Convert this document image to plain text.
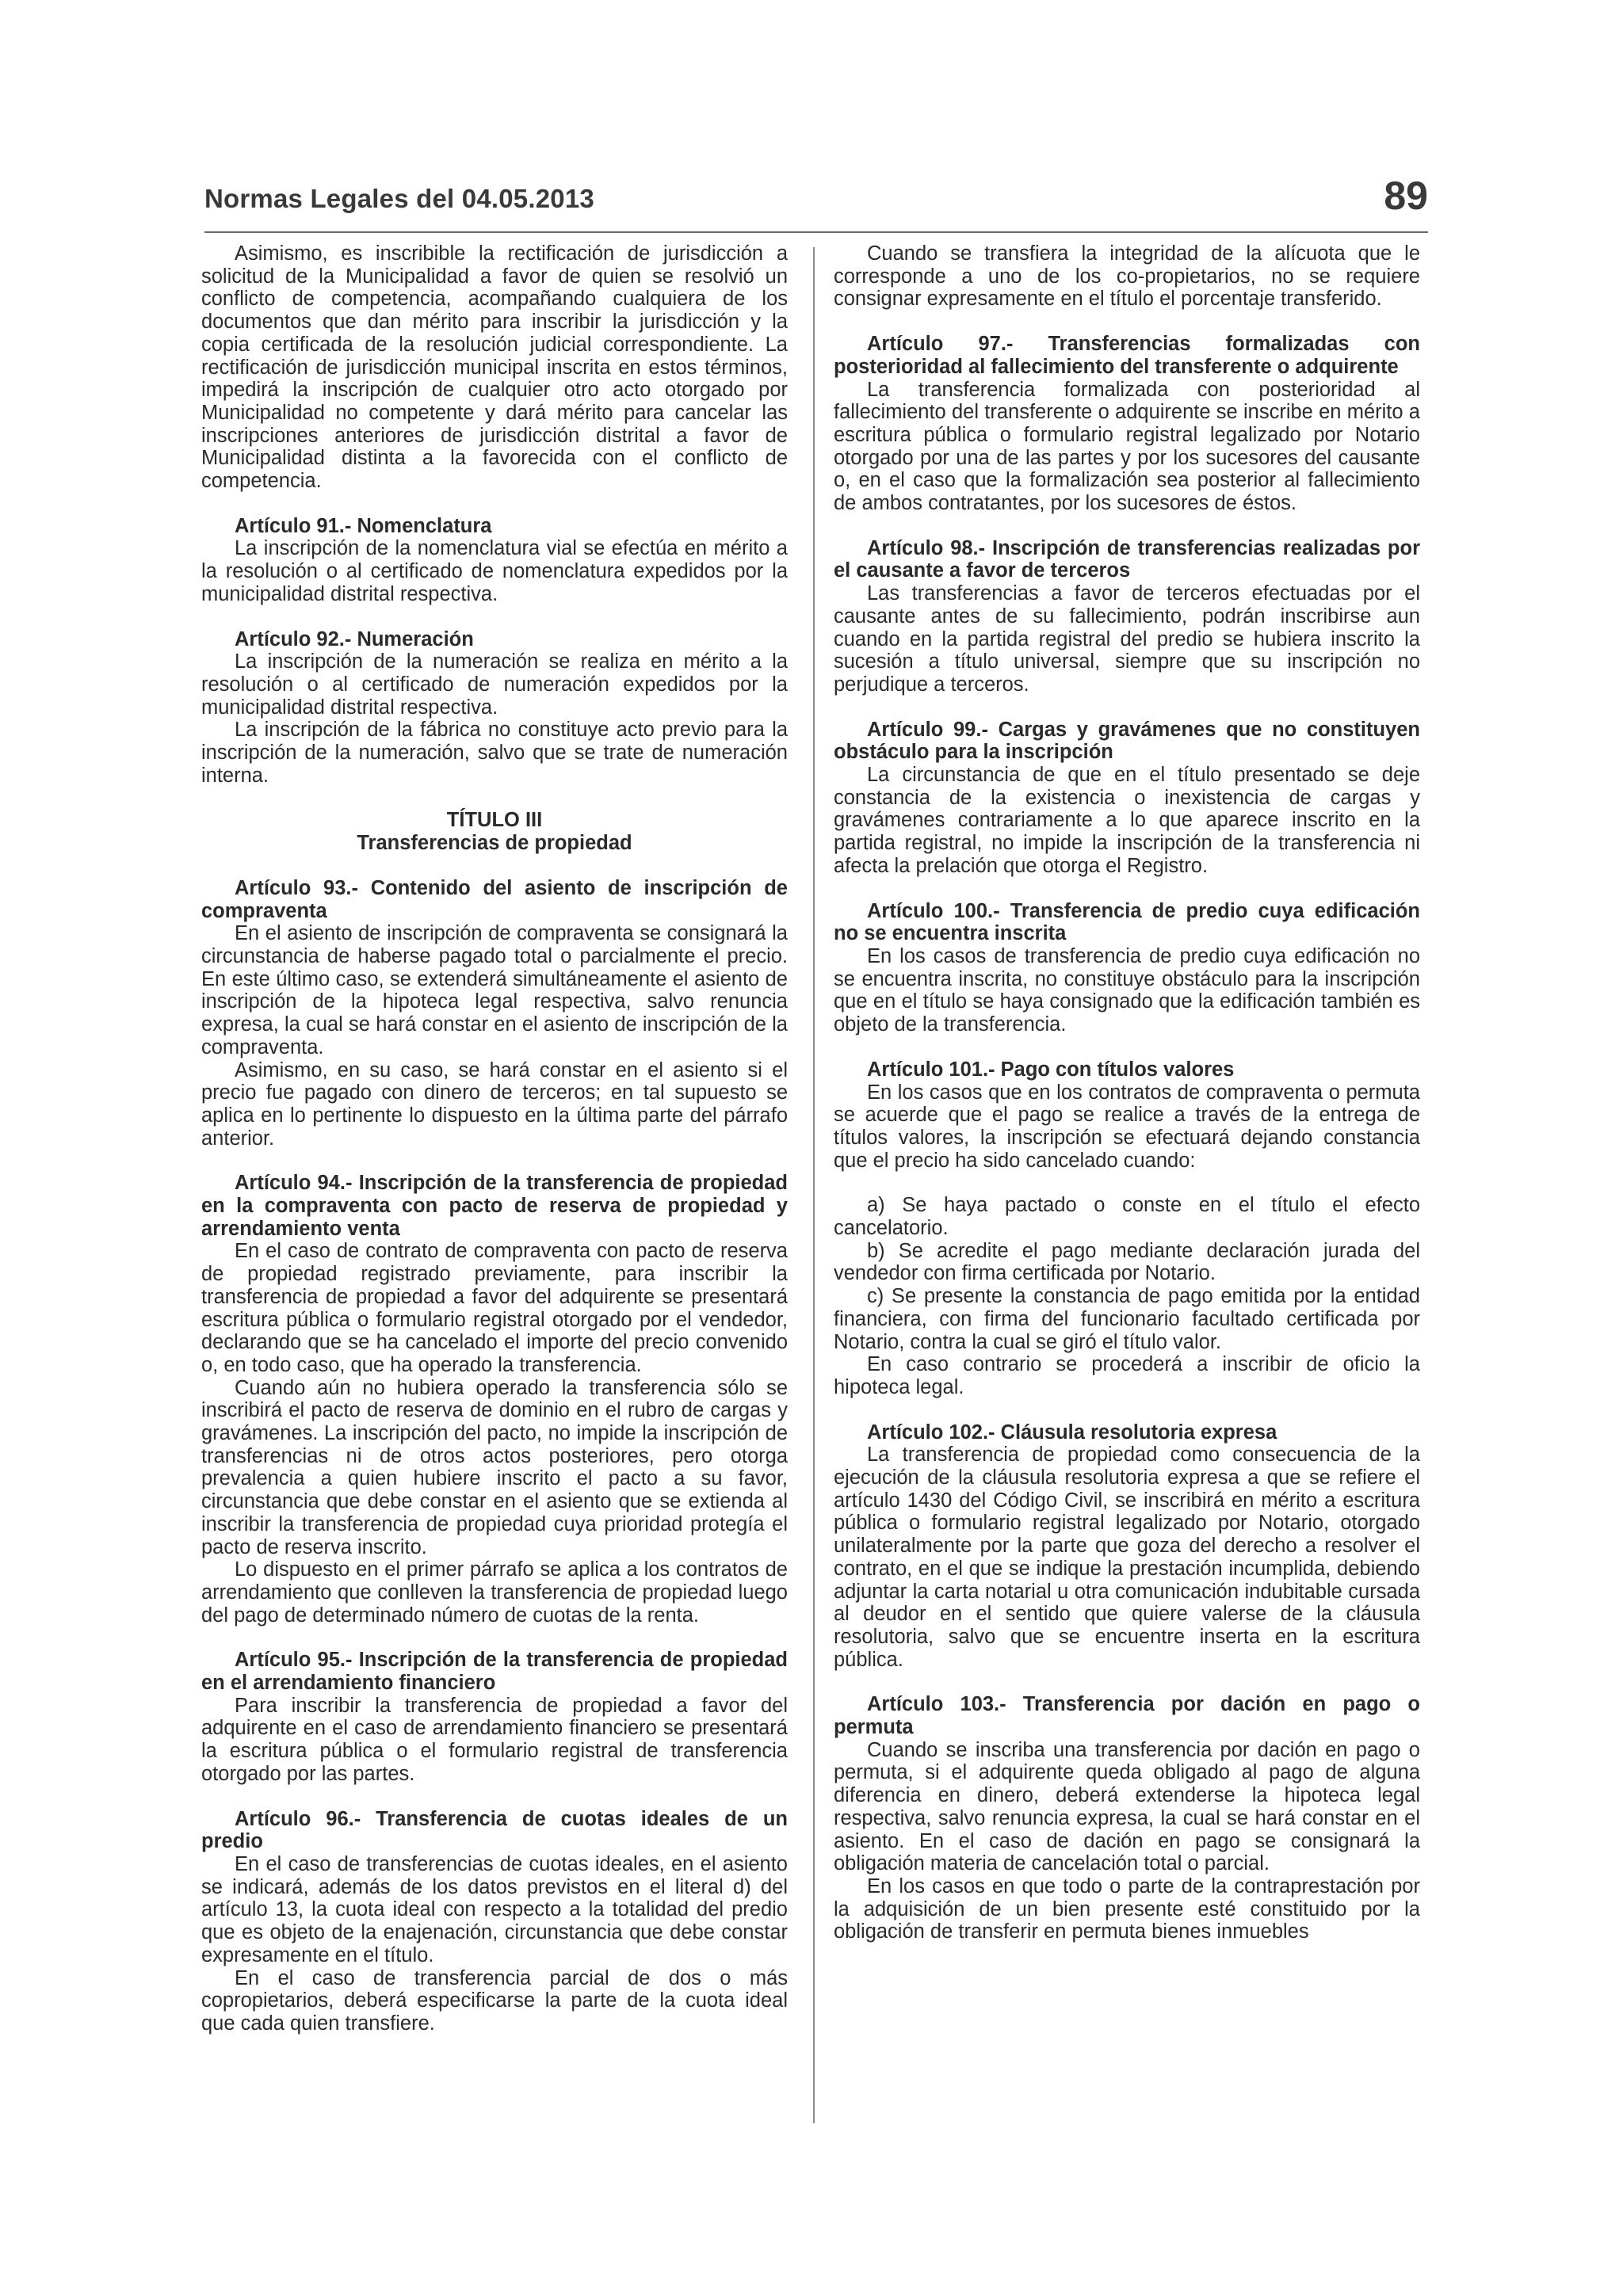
Normas Legales del 04.05.2013	89

Asimismo, es inscribible la rectificación de jurisdicción a solicitud de la Municipalidad a favor de quien se resolvió un conflicto de competencia, acompañando cualquiera de los documentos que dan mérito para inscribir la jurisdicción y la copia certificada de la resolución judicial correspondiente. La rectificación de jurisdicción municipal inscrita en estos términos, impedirá la inscripción de cualquier otro acto otorgado por Municipalidad no competente y dará mérito para cancelar las inscripciones anteriores de jurisdicción distrital a favor de Municipalidad distinta a la favorecida con el conflicto de competencia.

Artículo 91.- Nomenclatura

La inscripción de la nomenclatura vial se efectúa en mérito a la resolución o al certificado de nomenclatura expedidos por la municipalidad distrital respectiva.

Artículo 92.- Numeración

La inscripción de la numeración se realiza en mérito a la resolución o al certificado de numeración expedidos por la municipalidad distrital respectiva.

La inscripción de la fábrica no constituye acto previo para la inscripción de la numeración, salvo que se trate de numeración interna.

TÍTULO III

Transferencias de propiedad

Artículo 93.- Contenido del asiento de inscripción de compraventa

En el asiento de inscripción de compraventa se consignará la circunstancia de haberse pagado total o parcialmente el precio. En este último caso, se extenderá simultáneamente el asiento de inscripción de la hipoteca legal respectiva, salvo renuncia expresa, la cual se hará constar en el asiento de inscripción de la compraventa.

Asimismo, en su caso, se hará constar en el asiento si el precio fue pagado con dinero de terceros; en tal supuesto se aplica en lo pertinente lo dispuesto en la última parte del párrafo anterior.

Artículo 94.- Inscripción de la transferencia de propiedad en la compraventa con pacto de reserva de propiedad y arrendamiento venta

En el caso de contrato de compraventa con pacto de reserva de propiedad registrado previamente, para inscribir la transferencia de propiedad a favor del adquirente se presentará escritura pública o formulario registral otorgado por el vendedor, declarando que se ha cancelado el importe del precio convenido o, en todo caso, que ha operado la transferencia.

Cuando aún no hubiera operado la transferencia sólo se inscribirá el pacto de reserva de dominio en el rubro de cargas y gravámenes. La inscripción del pacto, no impide la inscripción de transferencias ni de otros actos posteriores, pero otorga prevalencia a quien hubiere inscrito el pacto a su favor, circunstancia que debe constar en el asiento que se extienda al inscribir la transferencia de propiedad cuya prioridad protegía el pacto de reserva inscrito.

Lo dispuesto en el primer párrafo se aplica a los contratos de arrendamiento que conlleven la transferencia de propiedad luego del pago de determinado número de cuotas de la renta.

Artículo 95.- Inscripción de la transferencia de propiedad en el arrendamiento financiero

Para inscribir la transferencia de propiedad a favor del adquirente en el caso de arrendamiento financiero se presentará la escritura pública o el formulario registral de transferencia otorgado por las partes.

Artículo 96.- Transferencia de cuotas ideales de un predio

En el caso de transferencias de cuotas ideales, en el asiento se indicará, además de los datos previstos en el literal d) del artículo 13, la cuota ideal con respecto a la totalidad del predio que es objeto de la enajenación, circunstancia que debe constar expresamente en el título.

En el caso de transferencia parcial de dos o más copropietarios, deberá especificarse la parte de la cuota ideal que cada quien transfiere.

Cuando se transfiera la integridad de la alícuota que le corresponde a uno de los co-propietarios, no se requiere consignar expresamente en el título el porcentaje transferido.

Artículo 97.- Transferencias formalizadas con posterioridad al fallecimiento del transferente o adquirente

La transferencia formalizada con posterioridad al fallecimiento del transferente o adquirente se inscribe en mérito a escritura pública o formulario registral legalizado por Notario otorgado por una de las partes y por los sucesores del causante o, en el caso que la formalización sea posterior al fallecimiento de ambos contratantes, por los sucesores de éstos.

Artículo 98.- Inscripción de transferencias realizadas por el causante a favor de terceros

Las transferencias a favor de terceros efectuadas por el causante antes de su fallecimiento, podrán inscribirse aun cuando en la partida registral del predio se hubiera inscrito la sucesión a título universal, siempre que su inscripción no perjudique a terceros.

Artículo 99.- Cargas y gravámenes que no constituyen obstáculo para la inscripción

La circunstancia de que en el título presentado se deje constancia de la existencia o inexistencia de cargas y gravámenes contrariamente a lo que aparece inscrito en la partida registral, no impide la inscripción de la transferencia ni afecta la prelación que otorga el Registro.

Artículo 100.- Transferencia de predio cuya edificación no se encuentra inscrita

En los casos de transferencia de predio cuya edificación no se encuentra inscrita, no constituye obstáculo para la inscripción que en el título se haya consignado que la edificación también es objeto de la transferencia.

Artículo 101.- Pago con títulos valores

En los casos que en los contratos de compraventa o permuta se acuerde que el pago se realice a través de la entrega de títulos valores, la inscripción se efectuará dejando constancia que el precio ha sido cancelado cuando:

a) Se haya pactado o conste en el título el efecto cancelatorio.

b) Se acredite el pago mediante declaración jurada del vendedor con firma certificada por Notario.

c) Se presente la constancia de pago emitida por la entidad financiera, con firma del funcionario facultado certificada por Notario, contra la cual se giró el título valor.

En caso contrario se procederá a inscribir de oficio la hipoteca legal.

Artículo 102.- Cláusula resolutoria expresa

La transferencia de propiedad como consecuencia de la ejecución de la cláusula resolutoria expresa a que se refiere el artículo 1430 del Código Civil, se inscribirá en mérito a escritura pública o formulario registral legalizado por Notario, otorgado unilateralmente por la parte que goza del derecho a resolver el contrato, en el que se indique la prestación incumplida, debiendo adjuntar la carta notarial u otra comunicación indubitable cursada al deudor en el sentido que quiere valerse de la cláusula resolutoria, salvo que se encuentre inserta en la escritura pública.

Artículo 103.- Transferencia por dación en pago o permuta

Cuando se inscriba una transferencia por dación en pago o permuta, si el adquirente queda obligado al pago de alguna diferencia en dinero, deberá extenderse la hipoteca legal respectiva, salvo renuncia expresa, la cual se hará constar en el asiento. En el caso de dación en pago se consignará la obligación materia de cancelación total o parcial.

En los casos en que todo o parte de la contraprestación por la adquisición de un bien presente esté constituido por la obligación de transferir en permuta bienes inmuebles
